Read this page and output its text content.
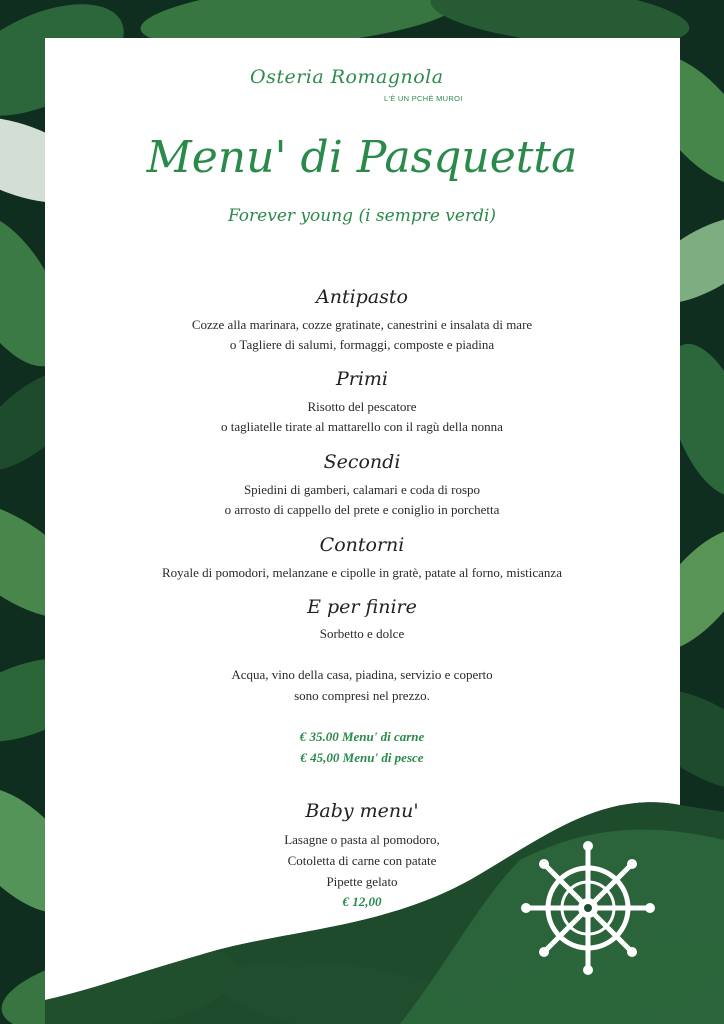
Osteria Romagnola
L'È UN PCHÈ MUROI
Menu' di Pasquetta
Forever young (i sempre verdi)
Antipasto
Cozze alla marinara, cozze gratinate, canestrini e insalata di mare
o Tagliere di salumi, formaggi, composte e piadina
Primi
Risotto del pescatore
o tagliatelle tirate al mattarello con il ragù della nonna
Secondi
Spiedini di gamberi, calamari e coda di rospo
o arrosto di cappello del prete e coniglio in porchetta
Contorni
Royale di pomodori, melanzane e cipolle in gratè, patate al forno, misticanza
E per finire
Sorbetto e dolce
Acqua, vino della casa, piadina, servizio e coperto
sono compresi nel prezzo.
€ 35.00 Menu' di carne
€ 45,00 Menu' di pesce
Baby menu'
Lasagne o pasta al pomodoro,
Cotoletta di carne con patate
Pipette gelato
€ 12,00
